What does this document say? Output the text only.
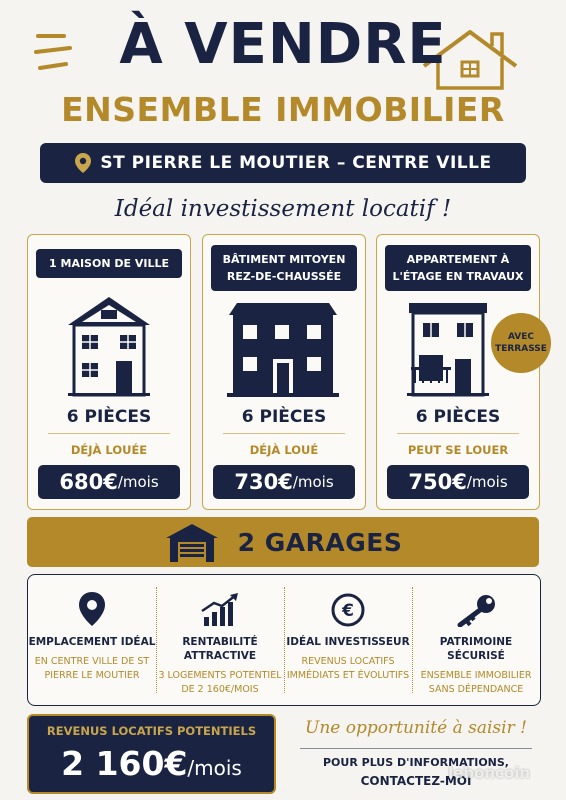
À VENDRE
ENSEMBLE IMMOBILIER
ST PIERRE LE MOUTIER – CENTRE VILLE
Idéal investissement locatif !
1 MAISON DE VILLE
6 PIÈCES
DÉJÀ LOUÉE
680€ /mois
BÂTIMENT MITOYEN REZ-DE-CHAUSSÉE
6 PIÈCES
DÉJÀ LOUÉ
730€ /mois
APPARTEMENT À L'ÉTAGE EN TRAVAUX
AVEC
TERRASSE
6 PIÈCES
PEUT SE LOUER
750€ /mois
2 GARAGES
EMPLACEMENT IDÉAL
EN CENTRE VILLE DE ST PIERRE LE MOUTIER
RENTABILITÉ ATTRACTIVE
3 LOGEMENTS POTENTIEL DE 2 160€/MOIS
€
IDÉAL INVESTISSEUR
REVENUS LOCATIFS IMMÉDIATS ET ÉVOLUTIFS
PATRIMOINE SÉCURISÉ
ENSEMBLE IMMOBILIER SANS DÉPENDANCE
REVENUS LOCATIFS POTENTIELS
2 160€/mois
Une opportunité à saisir !
POUR PLUS D'INFORMATIONS,
CONTACTEZ-MOI
leboncoin
